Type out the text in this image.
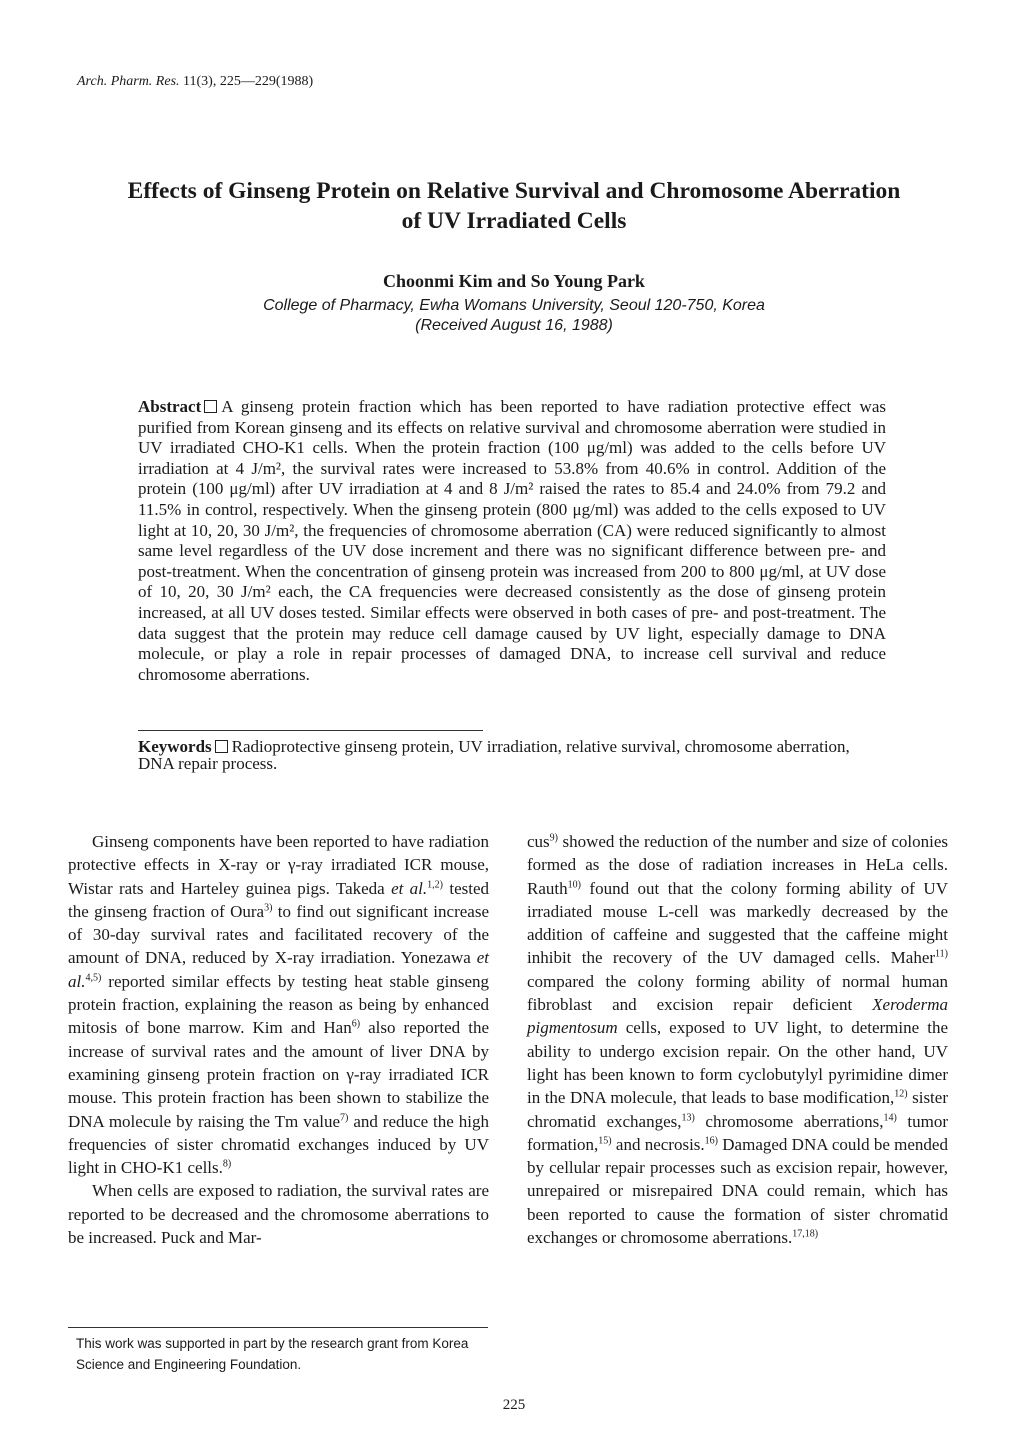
Arch. Pharm. Res. 11(3), 225—229(1988)
Effects of Ginseng Protein on Relative Survival and Chromosome Aberration of UV Irradiated Cells
Choonmi Kim and So Young Park
College of Pharmacy, Ewha Womans University, Seoul 120-750, Korea
(Received August 16, 1988)

Abstract A ginseng protein fraction which has been reported to have radiation protective effect was purified from Korean ginseng and its effects on relative survival and chromosome aberration were studied in UV irradiated CHO-K1 cells. When the protein fraction (100 μg/ml) was added to the cells before UV irradiation at 4 J/m², the survival rates were increased to 53.8% from 40.6% in control. Addition of the protein (100 μg/ml) after UV irradiation at 4 and 8 J/m² raised the rates to 85.4 and 24.0% from 79.2 and 11.5% in control, respectively. When the ginseng protein (800 μg/ml) was added to the cells exposed to UV light at 10, 20, 30 J/m², the frequencies of chromosome aberration (CA) were reduced significantly to almost same level regardless of the UV dose increment and there was no significant difference between pre- and post-treatment. When the concentration of ginseng protein was increased from 200 to 800 μg/ml, at UV dose of 10, 20, 30 J/m² each, the CA frequencies were decreased consistently as the dose of ginseng protein increased, at all UV doses tested. Similar effects were observed in both cases of pre- and post-treatment. The data suggest that the protein may reduce cell damage caused by UV light, especially damage to DNA molecule, or play a role in repair processes of damaged DNA, to increase cell survival and reduce chromosome aberrations.

Keywords Radioprotective ginseng protein, UV irradiation, relative survival, chromosome aberration, DNA repair process.

Ginseng components have been reported to have radiation protective effects in X-ray or γ-ray irradiated ICR mouse, Wistar rats and Harteley guinea pigs. Takeda et al.$^{1,2)}$ tested the ginseng fraction of Oura$^{3)}$ to find out significant increase of 30-day survival rates and facilitated recovery of the amount of DNA, reduced by X-ray irradiation. Yonezawa et al.$^{4,5)}$ reported similar effects by testing heat stable ginseng protein fraction, explaining the reason as being by enhanced mitosis of bone marrow. Kim and Han$^{6)}$ also reported the increase of survival rates and the amount of liver DNA by examining ginseng protein fraction on γ-ray irradiated ICR mouse. This protein fraction has been shown to stabilize the DNA molecule by raising the Tm value$^{7)}$ and reduce the high frequencies of sister chromatid exchanges induced by UV light in CHO-K1 cells.$^{8)}$

When cells are exposed to radiation, the survival rates are reported to be decreased and the chromosome aberrations to be increased. Puck and Mar-

cus$^{9)}$ showed the reduction of the number and size of colonies formed as the dose of radiation increases in HeLa cells. Rauth$^{10)}$ found out that the colony forming ability of UV irradiated mouse L-cell was markedly decreased by the addition of caffeine and suggested that the caffeine might inhibit the recovery of the UV damaged cells. Maher$^{11)}$ compared the colony forming ability of normal human fibroblast and excision repair deficient Xeroderma pigmentosum cells, exposed to UV light, to determine the ability to undergo excision repair. On the other hand, UV light has been known to form cyclobutylyl pyrimidine dimer in the DNA molecule, that leads to base modification,$^{12)}$ sister chromatid exchanges,$^{13)}$ chromosome aberrations,$^{14)}$ tumor formation,$^{15)}$ and necrosis.$^{16)}$ Damaged DNA could be mended by cellular repair processes such as excision repair, however, unrepaired or misrepaired DNA could remain, which has been reported to cause the formation of sister chromatid exchanges or chromosome aberrations.$^{17,18)}$

This work was supported in part by the research grant from Korea Science and Engineering Foundation.

225
